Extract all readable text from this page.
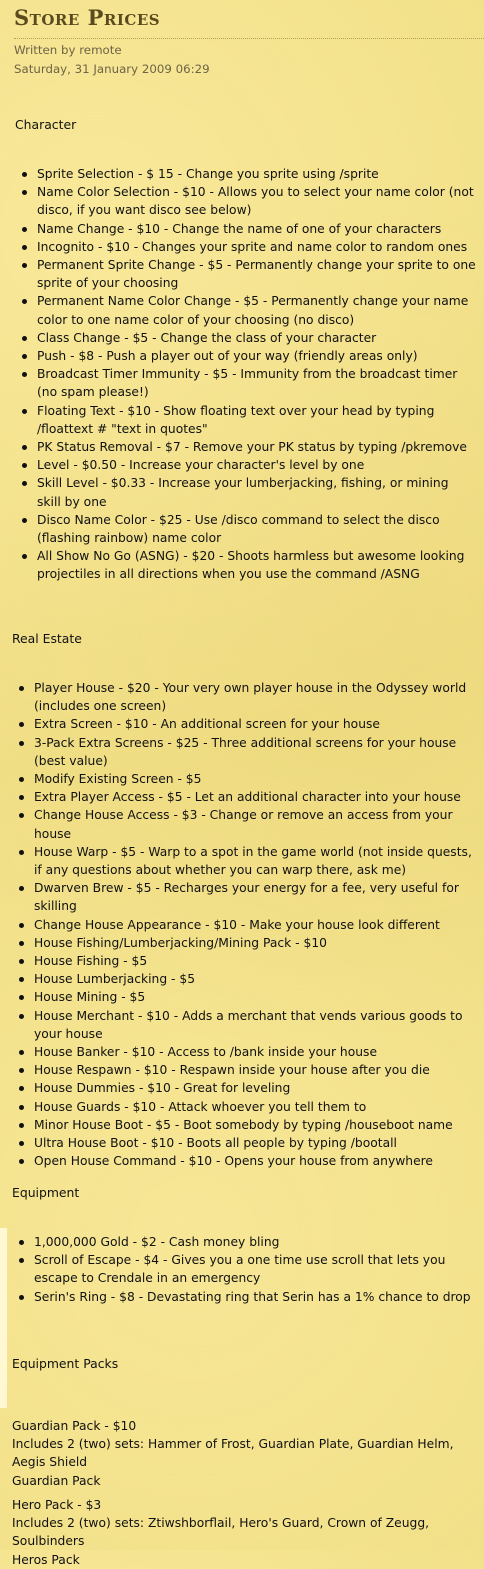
Store Prices
Written by remote
Saturday, 31 January 2009 06:29
Character
Sprite Selection - $ 15 - Change you sprite using /sprite
Name Color Selection - $10 - Allows you to select your name color (not disco, if you want disco see below)
Name Change - $10 - Change the name of one of your characters
Incognito - $10 - Changes your sprite and name color to random ones
Permanent Sprite Change - $5 - Permanently change your sprite to one sprite of your choosing
Permanent Name Color Change - $5 - Permanently change your name color to one name color of your choosing (no disco)
Class Change - $5 - Change the class of your character
Push - $8 - Push a player out of your way (friendly areas only)
Broadcast Timer Immunity - $5 - Immunity from the broadcast timer (no spam please!)
Floating Text - $10 - Show floating text over your head by typing /floattext # "text in quotes"
PK Status Removal - $7 - Remove your PK status by typing /pkremove
Level - $0.50 - Increase your character's level by one
Skill Level - $0.33 - Increase your lumberjacking, fishing, or mining skill by one
Disco Name Color - $25 - Use /disco command to select the disco (flashing rainbow) name color
All Show No Go (ASNG) - $20 - Shoots harmless but awesome looking projectiles in all directions when you use the command /ASNG
Real Estate
Player House - $20 - Your very own player house in the Odyssey world (includes one screen)
Extra Screen - $10 - An additional screen for your house
3-Pack Extra Screens - $25 - Three additional screens for your house (best value)
Modify Existing Screen - $5
Extra Player Access - $5 - Let an additional character into your house
Change House Access - $3 - Change or remove an access from your house
House Warp - $5 - Warp to a spot in the game world (not inside quests, if any questions about whether you can warp there, ask me)
Dwarven Brew - $5 - Recharges your energy for a fee, very useful for skilling
Change House Appearance - $10 - Make your house look different
House Fishing/Lumberjacking/Mining Pack - $10
House Fishing - $5
House Lumberjacking - $5
House Mining - $5
House Merchant - $10 - Adds a merchant that vends various goods to your house
House Banker - $10 - Access to /bank inside your house
House Respawn - $10 - Respawn inside your house after you die
House Dummies - $10 - Great for leveling
House Guards - $10 - Attack whoever you tell them to
Minor House Boot - $5 - Boot somebody by typing /houseboot name
Ultra House Boot - $10 - Boots all people by typing /bootall
Open House Command - $10 - Opens your house from anywhere
Equipment
1,000,000 Gold - $2 - Cash money bling
Scroll of Escape - $4 - Gives you a one time use scroll that lets you escape to Crendale in an emergency
Serin's Ring - $8 - Devastating ring that Serin has a 1% chance to drop
Equipment Packs
Guardian Pack - $10
Includes 2 (two) sets: Hammer of Frost, Guardian Plate, Guardian Helm, Aegis Shield
Guardian Pack
Hero Pack - $3
Includes 2 (two) sets: Ztiwshborflail, Hero's Guard, Crown of Zeugg, Soulbinders
Heros Pack
